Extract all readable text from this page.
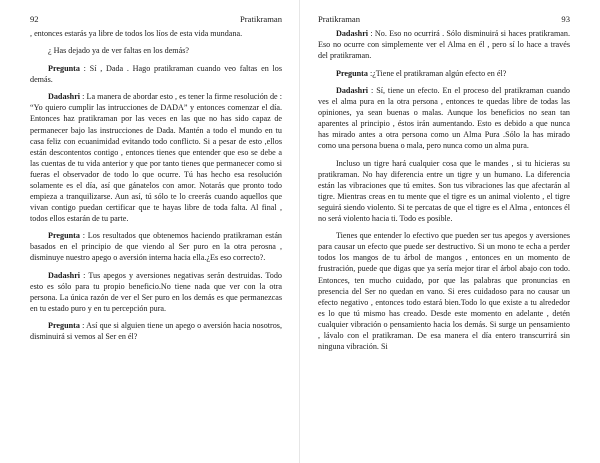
92	Pratikraman

, entonces estarás ya libre de todos los líos de esta vida mundana.

¿ Has dejado ya de ver faltas en los demás?

Pregunta : Sí , Dada . Hago pratikraman cuando veo faltas en los demás.

Dadashri : La manera de abordar esto , es tener la firme resolución de : “Yo quiero cumplir las intrucciones de DADA” y entonces comenzar el día. Entonces haz pratikraman por las veces en las que no has sido capaz de permanecer bajo las instrucciones de Dada. Mantén a todo el mundo en tu casa feliz con ecuanimidad evitando todo conflicto. Si a pesar de esto ,ellos están descontentos contigo , entonces tienes que entender que eso se debe a las cuentas de tu vida anterior y que por tanto tienes que permanecer como si fueras el observador de todo lo que ocurre. Tú has hecho esa resolución solamente es el día, así que gánatelos con amor. Notarás que pronto todo empieza a tranquilizarse. Aun así, tú sólo te lo creerás cuando aquellos que vivan contigo puedan certificar que te hayas libre de toda falta. Al final , todos ellos estarán de tu parte.

Pregunta : Los resultados que obtenemos haciendo pratikraman están basados en el principio de que viendo al Ser puro en la otra perosna , disminuye nuestro apego o aversión interna hacia ella.¿Es eso correcto?.

Dadashri : Tus apegos y aversiones negativas serán destruidas. Todo esto es sólo para tu propio beneficio.No tiene nada que ver con la otra persona. La única razón de ver el Ser puro en los demás es que permanezcas en tu estado puro y en tu percepción pura.

Pregunta : Así que si alguien tiene un apego o aversión hacia nosotros, disminuirá si vemos al Ser en él?

Pratikraman	93

Dadashri : No. Eso no ocurrirá . Sólo disminuirá si haces pratikraman. Eso no ocurre con simplemente ver el Alma en él , pero sí lo hace a través del pratikraman.

Pregunta :¿Tiene el pratikraman algún efecto en él?

Dadashri : Sí, tiene un efecto. En el proceso del pratikraman cuando ves el alma pura en la otra persona , entonces te quedas libre de todas las opiniones, ya sean buenas o malas. Aunque los beneficios no sean tan aparentes al principio , éstos irán aumentando. Esto es debido a que nunca has mirado antes a otra persona como un Alma Pura .Sólo la has mirado como una persona buena o mala, pero nunca como un alma pura.

Incluso un tigre hará cualquier cosa que le mandes , si tu hicieras su pratikraman. No hay diferencia entre un tigre y un humano. La diferencia están las vibraciones que tú emites. Son tus vibraciones las que afectarán al tigre. Mientras creas en tu mente que el tigre es un animal violento , el tigre seguirá siendo violento. Si te percatas de que el tigre es el Alma , entonces él no será violento hacia ti. Todo es posible.

Tienes que entender lo efectivo que pueden ser tus apegos y aversiones para causar un efecto que puede ser destructivo. Si un mono te echa a perder todos los mangos de tu árbol de mangos , entonces en un momento de frustración, puede que digas que ya sería mejor tirar el árbol abajo con todo. Entonces, ten mucho cuidado, por que las palabras que pronuncias en presencia del Ser no quedan en vano. Si eres cuidadoso para no causar un efecto negativo , entonces todo estará bien.Todo lo que existe a tu alrededor es lo que tú mismo has creado. Desde este momento en adelante , detén cualquier vibración o pensamiento hacia los demás. Si surge un pensamiento , lávalo con el pratikraman. De esa manera el día entero transcurrirá sin ninguna vibración. Si
